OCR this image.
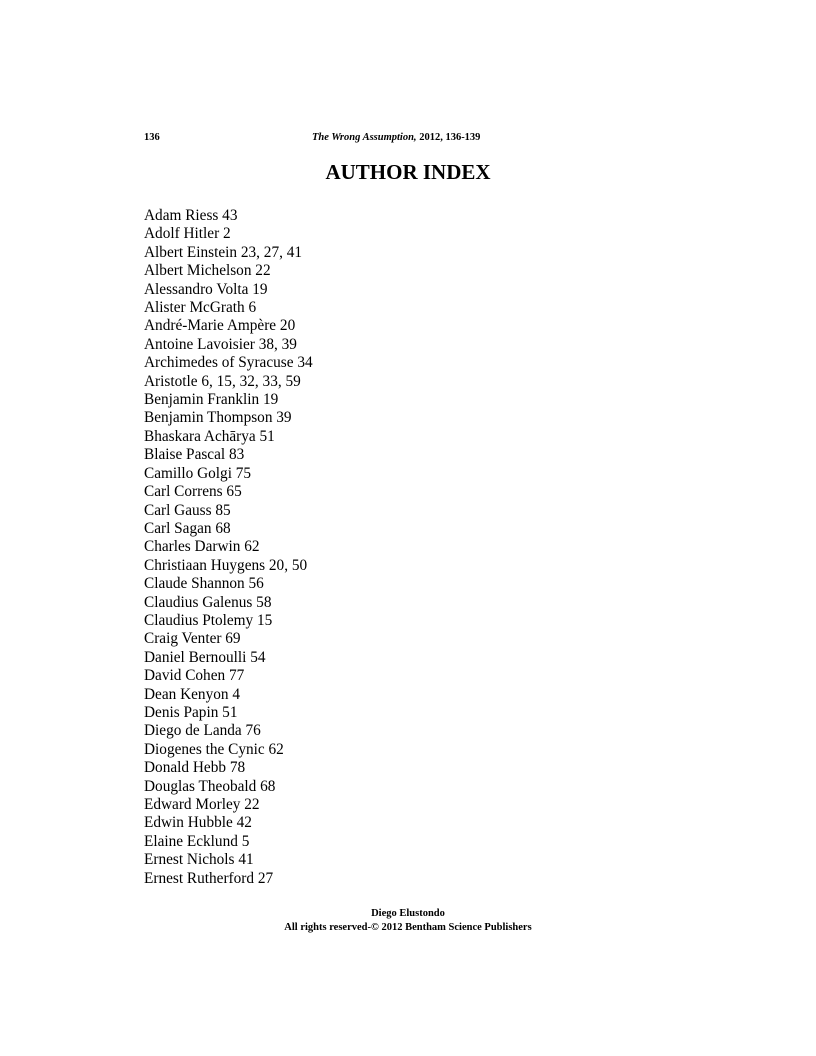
136	The Wrong Assumption, 2012, 136-139
AUTHOR INDEX
Adam Riess 43
Adolf Hitler 2
Albert Einstein 23, 27, 41
Albert Michelson 22
Alessandro Volta 19
Alister McGrath 6
André-Marie Ampère 20
Antoine Lavoisier 38, 39
Archimedes of Syracuse 34
Aristotle 6, 15, 32, 33, 59
Benjamin Franklin 19
Benjamin Thompson 39
Bhaskara Achārya 51
Blaise Pascal 83
Camillo Golgi 75
Carl Correns 65
Carl Gauss 85
Carl Sagan 68
Charles Darwin 62
Christiaan Huygens 20, 50
Claude Shannon 56
Claudius Galenus 58
Claudius Ptolemy 15
Craig Venter 69
Daniel Bernoulli 54
David Cohen 77
Dean Kenyon 4
Denis Papin 51
Diego de Landa 76
Diogenes the Cynic 62
Donald Hebb 78
Douglas Theobald 68
Edward Morley 22
Edwin Hubble 42
Elaine Ecklund 5
Ernest Nichols 41
Ernest Rutherford 27
Diego Elustondo
All rights reserved-© 2012 Bentham Science Publishers
